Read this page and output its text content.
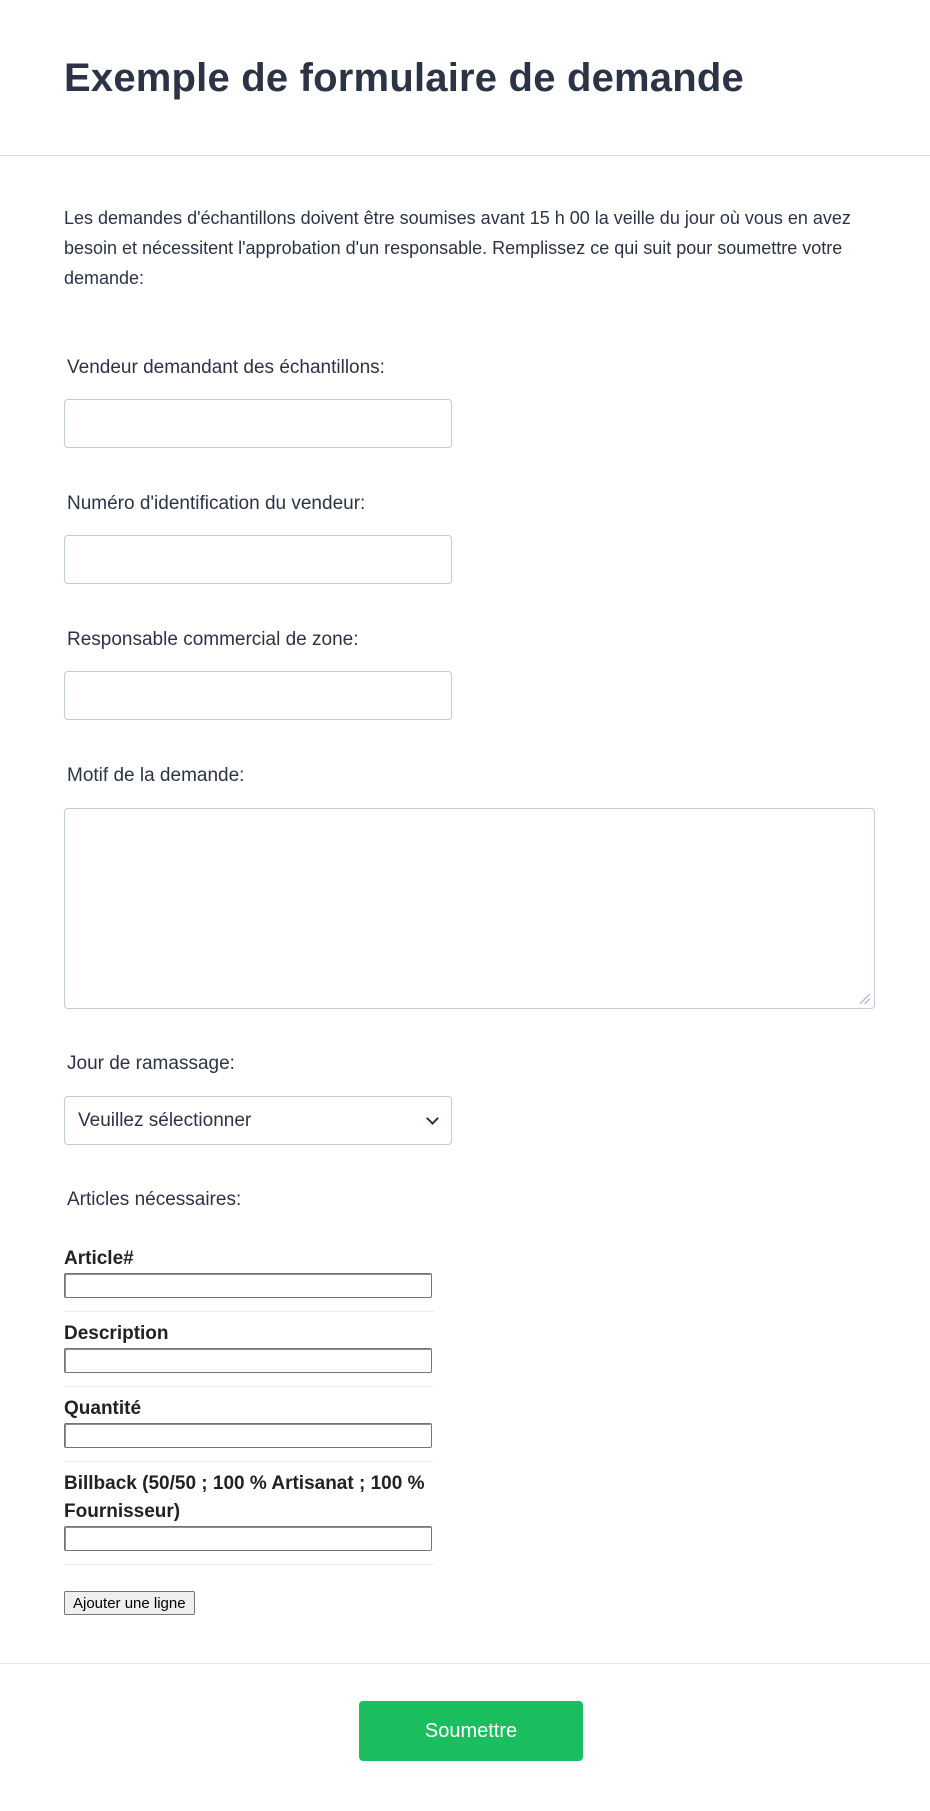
Exemple de formulaire de demande

Les demandes d'échantillons doivent être soumises avant 15 h 00 la veille du jour où vous en avez besoin et nécessitent l'approbation d'un responsable. Remplissez ce qui suit pour soumettre votre demande:

Vendeur demandant des échantillons:
Numéro d'identification du vendeur:
Responsable commercial de zone:
Motif de la demande:
Jour de ramassage:
Veuillez sélectionner
Articles nécessaires:
Article#
Description
Quantité
Billback (50/50 ; 100 % Artisanat ; 100 % Fournisseur)
Ajouter une ligne
Soumettre
